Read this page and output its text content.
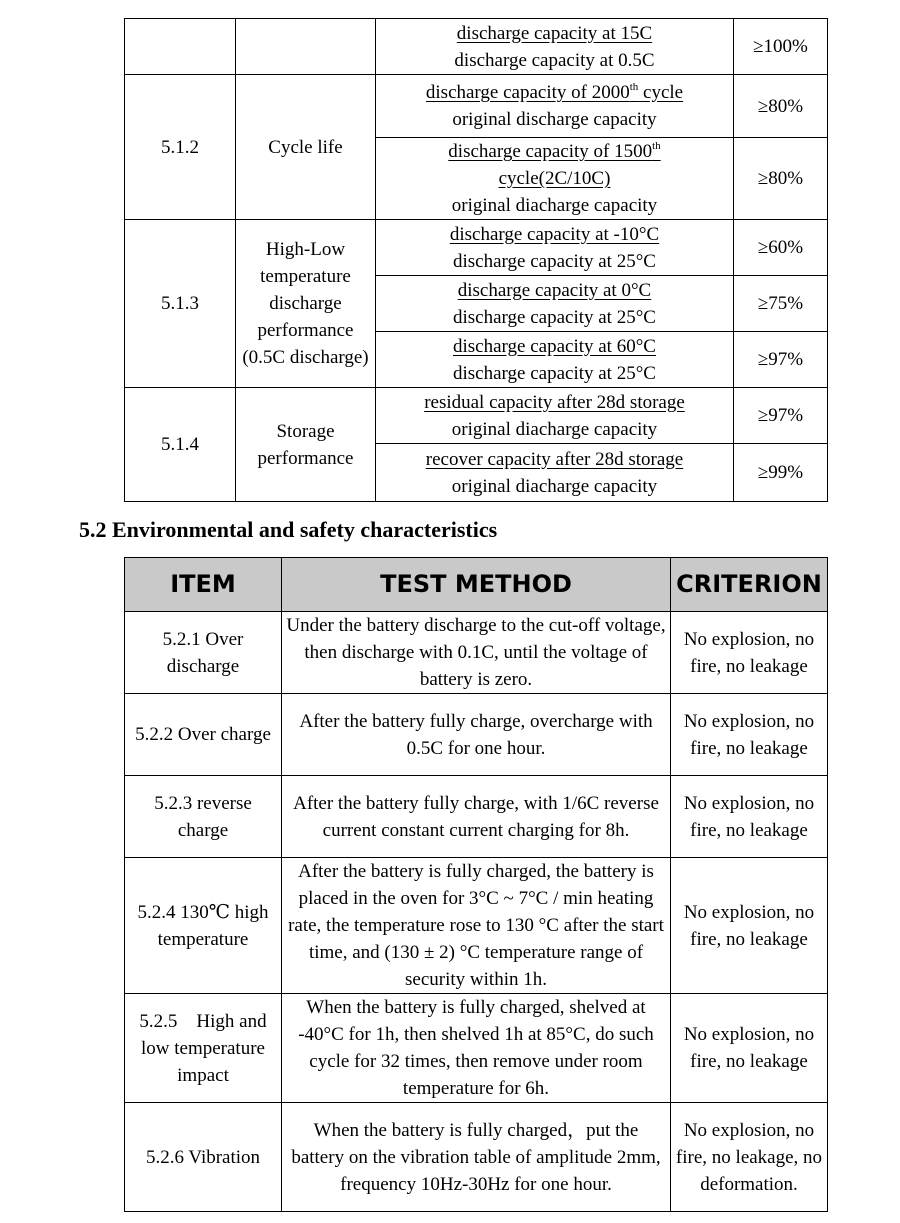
		$\frac{\text{discharge capacity at 15C}}{\text{discharge capacity at 0.5C}}$	≥100%
5.1.2	Cycle life	$\frac{discharge capacity of 2000^{th} cycle}{\text{original discharge capacity}}$	≥80%

		$\frac{discharge capacity of 1500^{th} cycle(2C/10C)}{\text{original diacharge capacity}}$	≥80%
5.1.3	High-Low temperature discharge performance (0.5C discharge)	$\frac{\text{discharge capacity at -10°C}}{\text{discharge capacity at 25°C}}$	≥60%

		$\frac{\text{discharge capacity at 0°C}}{\text{discharge capacity at 25°C}}$	≥75%

		$\frac{\text{discharge capacity at 60°C}}{\text{discharge capacity at 25°C}}$	≥97%
5.1.4	Storage performance	$\frac{\text{residual capacity after 28d storage}}{\text{original diacharge capacity}}$	≥97%

		$\frac{\text{recover capacity after 28d storage}}{\text{original diacharge capacity}}$	≥99%
5.2 Environmental and safety characteristics
ITEM	TEST METHOD	CRITERION
5.2.1 Over discharge	Under the battery discharge to the cut-off voltage, then discharge with 0.1C, until the voltage of battery is zero.	No explosion, no fire, no leakage
5.2.2 Over charge	After the battery fully charge, overcharge with 0.5C for one hour.	No explosion, no fire, no leakage
5.2.3 reverse charge	After the battery fully charge, with 1/6C reverse current constant current charging for 8h.	No explosion, no fire, no leakage
5.2.4 130℃ high temperature	After the battery is fully charged, the battery is placed in the oven for 3°C ~ 7°C / min heating rate, the temperature rose to 130 °C after the start time, and (130 ± 2) °C temperature range of security within 1h.	No explosion, no fire, no leakage
5.2.5　High and low temperature impact	When the battery is fully charged, shelved at -40°C for 1h, then shelved 1h at 85°C, do such cycle for 32 times, then remove under room temperature for 6h.	No explosion, no fire, no leakage
5.2.6 Vibration	When the battery is fully charged，put the battery on the vibration table of amplitude 2mm, frequency 10Hz-30Hz for one hour.	No explosion, no fire, no leakage, no deformation.
